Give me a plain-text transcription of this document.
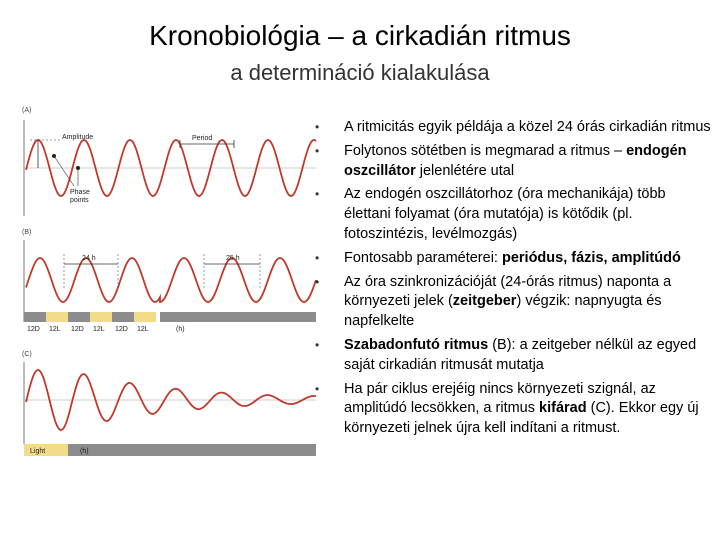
Kronobiológia – a cirkadián ritmus
a determináció kialakulása
(A)
Amplitude	Period
Phase
points
(B)
24 h	25 h
12D 12L 12D 12L 12D 12L	(h)
(C)
Light	(h)
• A ritmicitás egyik példája a közel 24 órás cirkadián ritmus
• Folytonos sötétben is megmarad a ritmus – endogén oszcillátor jelenlétére utal
• Az endogén oszcillátorhoz (óra mechanikája) több élettani folyamat (óra mutatója) is kötődik (pl. fotoszintézis, levélmozgás)
• Fontosabb paraméterei: periódus, fázis, amplitúdó
• Az óra szinkronizációját (24-órás ritmus) naponta a környezeti jelek (zeitgeber) végzik: napnyugta és napfelkelte
• Szabadonfutó ritmus (B): a zeitgeber nélkül az egyed saját cirkadián ritmusát mutatja
• Ha pár ciklus erejéig nincs környezeti szignál, az amplitúdó lecsökken, a ritmus kifárad (C). Ekkor egy új környezeti jelnek újra kell indítani a ritmust.
